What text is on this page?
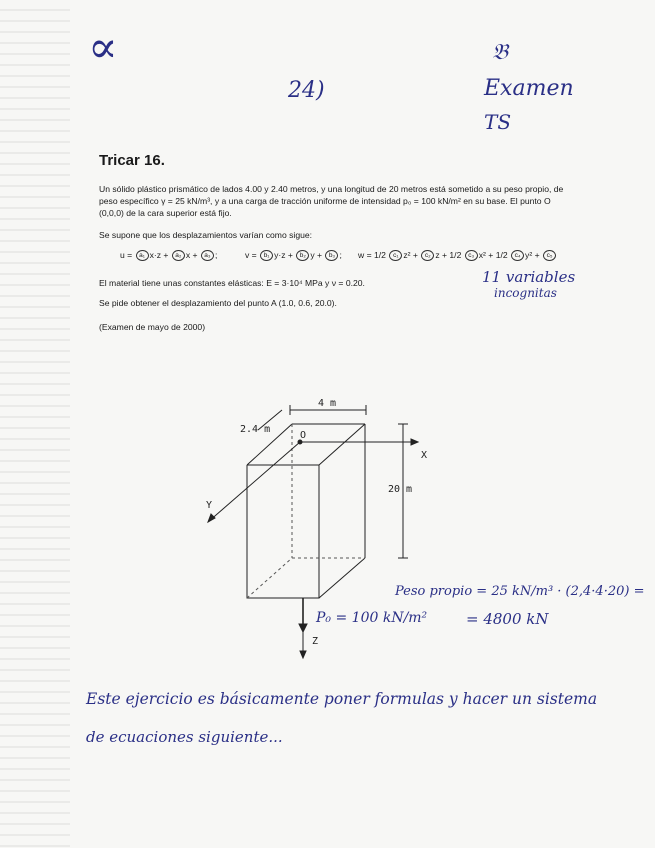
∝
24)
𝔅
Examen
TS
Tricar 16.
Un sólido plástico prismático de lados 4.00 y 2.40 metros, y una longitud de 20 metros está sometido a su peso propio, de peso específico γ = 25 kN/m³, y a una carga de tracción uniforme de intensidad p₀ = 100 kN/m² en su base. El punto O (0,0,0) de la cara superior está fijo.
Se supone que los desplazamientos varían como sigue:
u = a₁ x·z + a₂ x + a₃ ;	v = b₁ y·z + b₂ y + b₃ ; w = 1/2 c₁ z² + c₂ z + 1/2 c₃ x² + 1/2 c₄ y² + c₅
El material tiene unas constantes elásticas: E = 3·10⁴ MPa y ν = 0.20.	11 variables
incognitas
Se pide obtener el desplazamiento del punto A (1.0, 0.6, 20.0).
(Examen de mayo de 2000)
4 m
2.4 m
20 m
O
X
Y
Z
P₀ = 100 kN/m²
Peso propio = 25 kN/m³ · (2,4·4·20) =
= 4800 kN
Este ejercicio es básicamente poner formulas y hacer un sistema
de ecuaciones siguiente...
